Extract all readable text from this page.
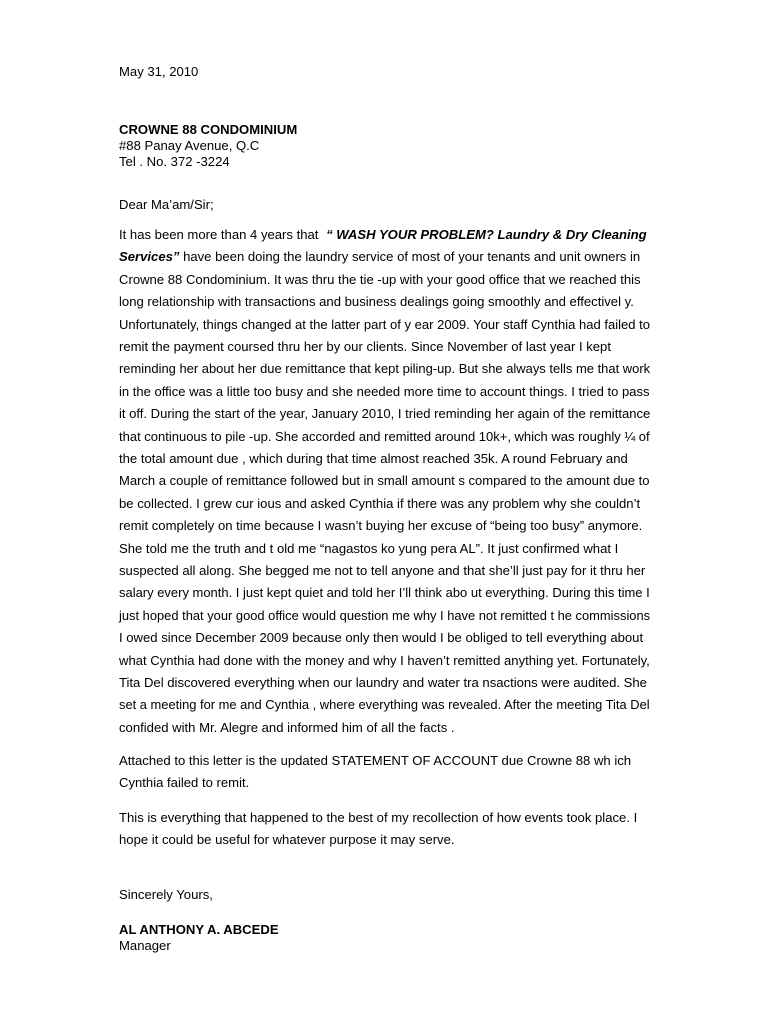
May 31, 2010
CROWNE 88 CONDOMINIUM
#88 Panay Avenue, Q.C
Tel . No. 372 -3224
Dear Ma’am/Sir;
It has been more than 4 years that “ WASH YOUR PROBLEM? Laundry & Dry Cleaning
Services” have been doing the laundry service of most of your tenants and unit owners in
Crowne 88 Condominium. It was thru the tie -up with your good office that we reached this
long relationship with transactions and business dealings going smoothly and effectivel y.
Unfortunately, things changed at the latter part of y ear 2009. Your staff Cynthia had failed to
remit the payment coursed thru her by our clients. Since November of last year I kept
reminding her about her due remittance that kept piling-up. But she always tells me that work
in the office was a little too busy and she needed more time to account things. I tried to pass
it off. During the start of the year, January 2010, I tried reminding her again of the remittance
that continuous to pile -up. She accorded and remitted around 10k+, which was roughly ¼ of
the total amount due , which during that time almost reached 35k. A round February and
March a couple of remittance followed but in small amount s compared to the amount due to
be collected. I grew cur ious and asked Cynthia if there was any problem why she couldn’t
remit completely on time because I wasn’t buying her excuse of “being too busy” anymore.
She told me the truth and t old me “nagastos ko yung pera AL”. It just confirmed what I
suspected all along. She begged me not to tell anyone and that she’ll just pay for it thru her
salary every month. I just kept quiet and told her I’ll think abo ut everything. During this time I
just hoped that your good office would question me why I have not remitted t he commissions
I owed since December 2009 because only then would I be obliged to tell everything about
what Cynthia had done with the money and why I haven’t remitted anything yet. Fortunately,
Tita Del discovered everything when our laundry and water tra nsactions were audited. She
set a meeting for me and Cynthia , where everything was revealed. After the meeting Tita Del
confided with Mr. Alegre and informed him of all the facts .
Attached to this letter is the updated STATEMENT OF ACCOUNT due Crowne 88 wh ich
Cynthia failed to remit.
This is everything that happened to the best of my recollection of how events took place. I
hope it could be useful for whatever purpose it may serve.
Sincerely Yours,
AL ANTHONY A. ABCEDE
Manager
